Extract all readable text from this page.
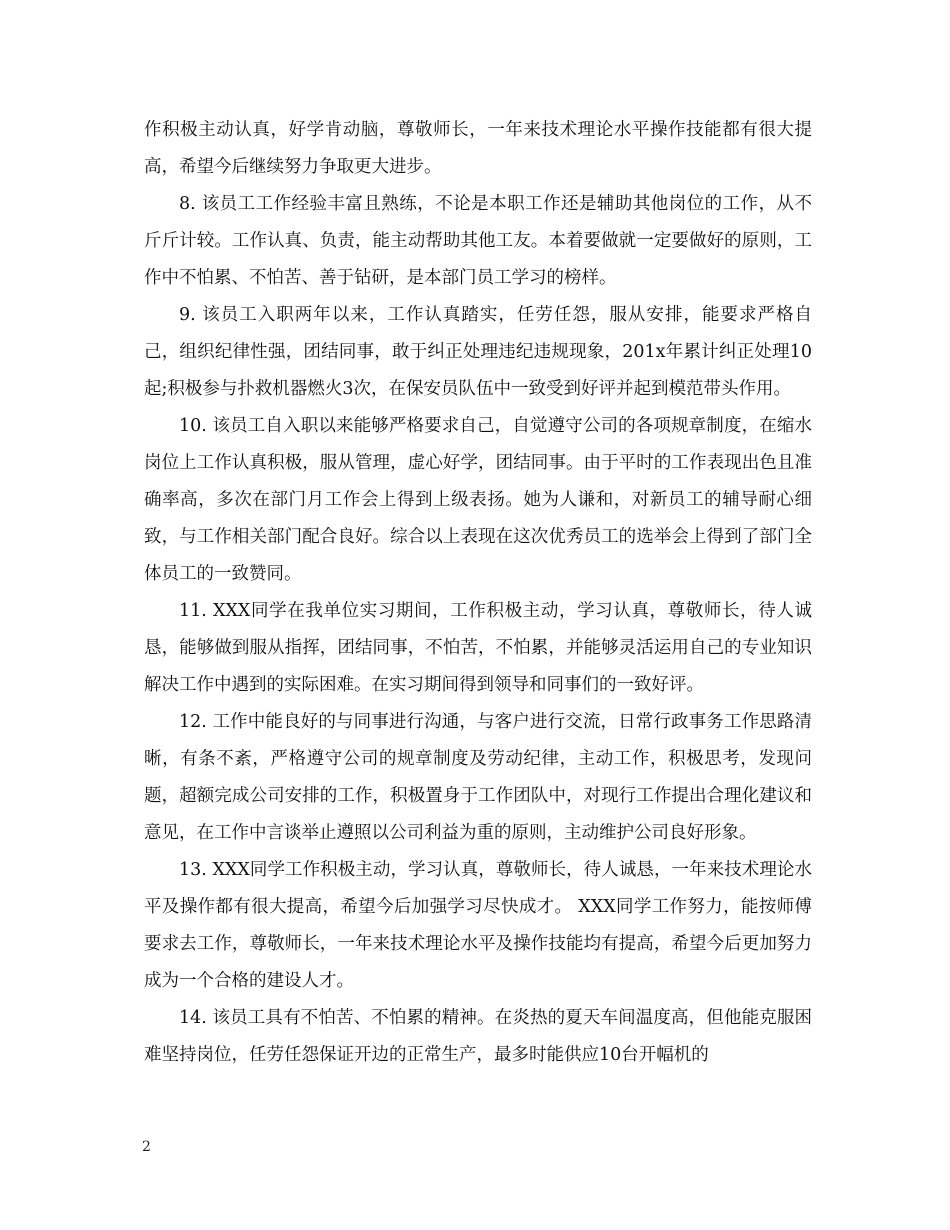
作积极主动认真，好学肯动脑，尊敬师长，一年来技术理论水平操作技能都有很大提高，希望今后继续努力争取更大进步。

8. 该员工工作经验丰富且熟练，不论是本职工作还是辅助其他岗位的工作，从不斤斤计较。工作认真、负责，能主动帮助其他工友。本着要做就一定要做好的原则，工作中不怕累、不怕苦、善于钻研，是本部门员工学习的榜样。

9. 该员工入职两年以来，工作认真踏实，任劳任怨，服从安排，能要求严格自己，组织纪律性强，团结同事，敢于纠正处理违纪违规现象，201x年累计纠正处理10起;积极参与扑救机器燃火3次，在保安员队伍中一致受到好评并起到模范带头作用。

10. 该员工自入职以来能够严格要求自己，自觉遵守公司的各项规章制度，在缩水岗位上工作认真积极，服从管理，虚心好学，团结同事。由于平时的工作表现出色且准确率高，多次在部门月工作会上得到上级表扬。她为人谦和，对新员工的辅导耐心细致，与工作相关部门配合良好。综合以上表现在这次优秀员工的选举会上得到了部门全体员工的一致赞同。

11. XXX同学在我单位实习期间，工作积极主动，学习认真，尊敬师长，待人诚恳，能够做到服从指挥，团结同事，不怕苦，不怕累，并能够灵活运用自己的专业知识 解决工作中遇到的实际困难。在实习期间得到领导和同事们的一致好评。

12. 工作中能良好的与同事进行沟通，与客户进行交流，日常行政事务工作思路清晰，有条不紊，严格遵守公司的规章制度及劳动纪律，主动工作，积极思考，发现问题，超额完成公司安排的工作，积极置身于工作团队中，对现行工作提出合理化建议和意见，在工作中言谈举止遵照以公司利益为重的原则，主动维护公司良好形象。

13. XXX同学工作积极主动，学习认真，尊敬师长，待人诚恳，一年来技术理论水平及操作都有很大提高，希望今后加强学习尽快成才。 XXX同学工作努力，能按师傅要求去工作，尊敬师长，一年来技术理论水平及操作技能均有提高，希望今后更加努力成为一个合格的建设人才。

14. 该员工具有不怕苦、不怕累的精神。在炎热的夏天车间温度高，但他能克服困难坚持岗位，任劳任怨保证开边的正常生产，最多时能供应10台开幅机的

2
